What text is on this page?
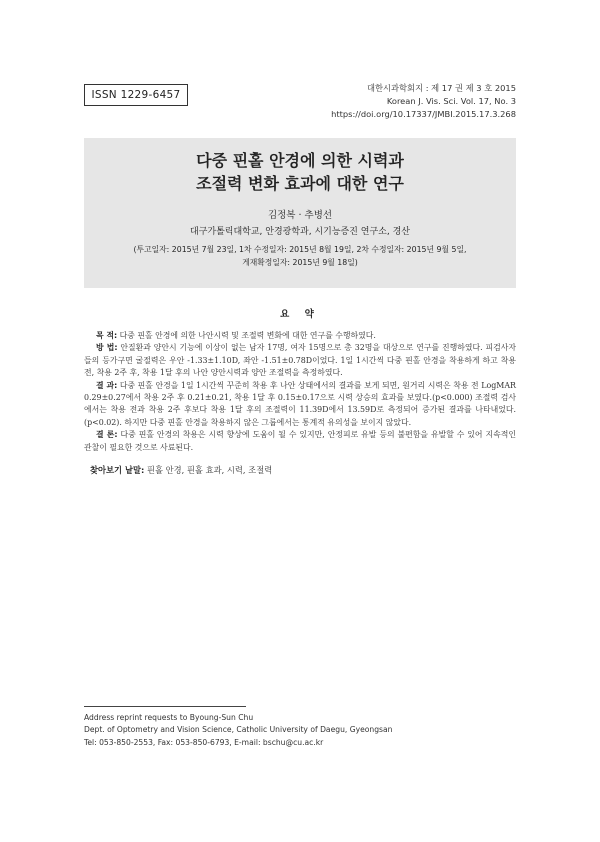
ISSN 1229-6457
대한시과학회지 : 제 17 권 제 3 호 2015
Korean J. Vis. Sci. Vol. 17, No. 3
https://doi.org/10.17337/JMBI.2015.17.3.268
다중 핀홀 안경에 의한 시력과
조절력 변화 효과에 대한 연구
김정복 · 추병선
대구가톨릭대학교, 안경광학과, 시기능증진 연구소, 경산
(투고일자: 2015년 7월 23일, 1차 수정일자: 2015년 8월 19일, 2차 수정일자: 2015년 9월 5일,
게재확정일자: 2015년 9월 18일)
요 약

목 적: 다중 핀홀 안경에 의한 나안시력 및 조절력 변화에 대한 연구를 수행하였다.

방 법: 안질환과 양안시 기능에 이상이 없는 남자 17명, 여자 15명으로 총 32명을 대상으로 연구를 진행하였다. 피검사자들의 등가구면 굴절력은 우안 -1.33±1.10D, 좌안 -1.51±0.78D이었다. 1일 1시간씩 다중 핀홀 안경을 착용하게 하고 착용 전, 착용 2주 후, 착용 1달 후의 나안 양안시력과 양안 조절력을 측정하였다.

결 과: 다중 핀홀 안경을 1일 1시간씩 꾸준히 착용 후 나안 상태에서의 결과를 보게 되면, 원거리 시력은 착용 전 LogMAR 0.29±0.27에서 착용 2주 후 0.21±0.21, 착용 1달 후 0.15±0.17으로 시력 상승의 효과를 보였다.(p<0.000) 조절력 검사에서는 착용 전과 착용 2주 후보다 착용 1달 후의 조절력이 11.39D에서 13.59D로 측정되어 증가된 결과를 나타내었다.(p<0.02). 하지만 다중 핀홀 안경을 착용하지 않은 그룹에서는 통계적 유의성을 보이지 않았다.

결 론: 다중 핀홀 안경의 착용은 시력 향상에 도움이 될 수 있지만, 안정피로 유발 등의 불편함을 유발할 수 있어 지속적인 관찰이 필요한 것으로 사료된다.

찾아보기 낱말: 핀홀 안경, 핀홀 효과, 시력, 조절력
Address reprint requests to Byoung-Sun Chu
Dept. of Optometry and Vision Science, Catholic University of Daegu, Gyeongsan
Tel: 053-850-2553, Fax: 053-850-6793, E-mail: bschu@cu.ac.kr
